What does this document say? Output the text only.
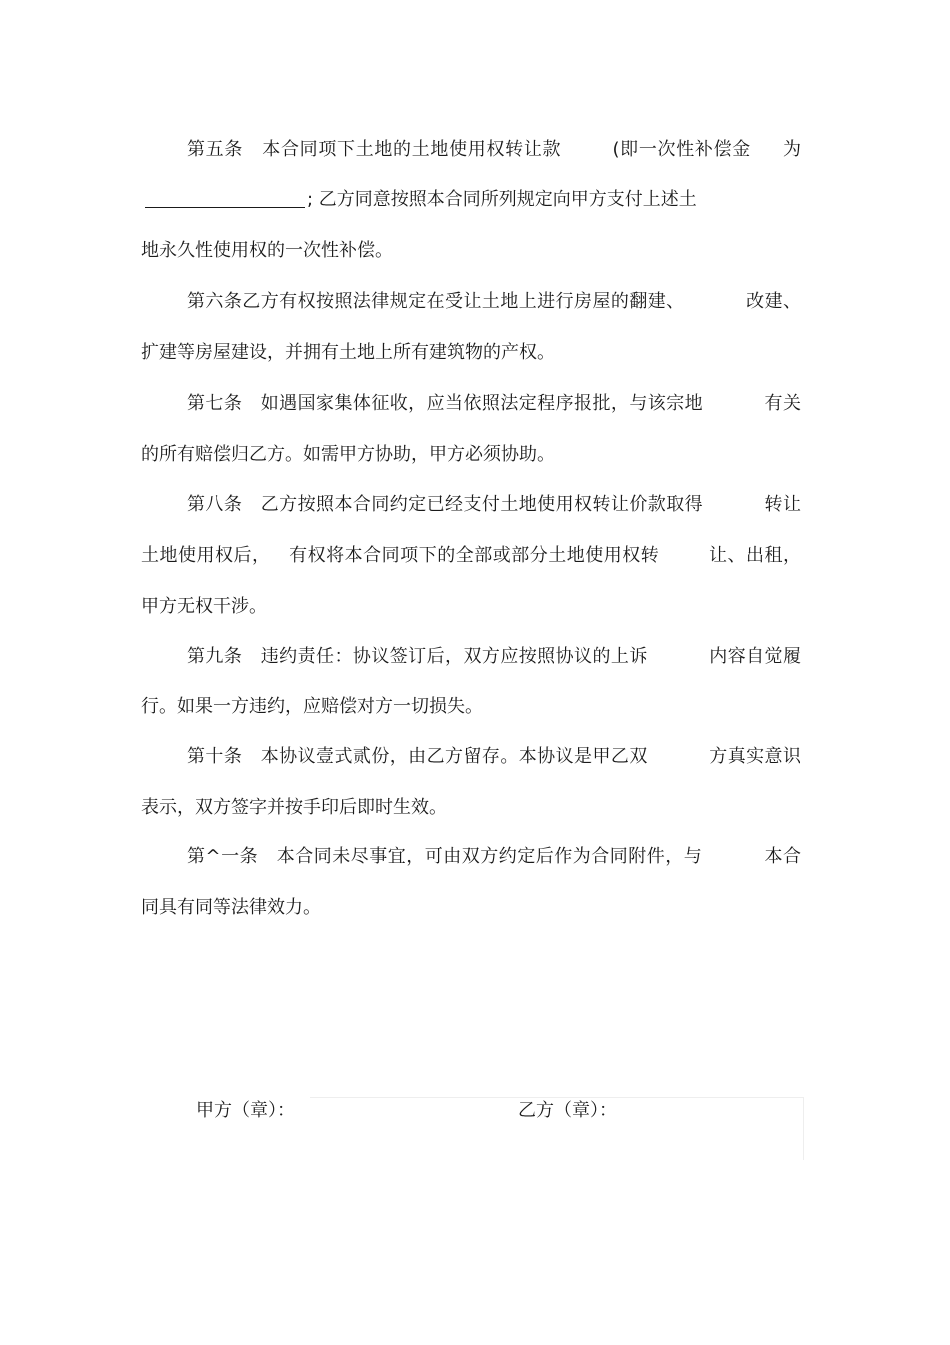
第五条   本合同项下土地的土地使用权转让款        (即一次性补偿金     为
; 乙方同意按照本合同所列规定向甲方支付上述土
地永久性使用权的一次性补偿。
第六条乙方有权按照法律规定在受让土地上进行房屋的翻建、          改建、
扩建等房屋建设，并拥有土地上所有建筑物的产权。
第七条   如遇国家集体征收，应当依照法定程序报批，与该宗地          有关
的所有赔偿归乙方。如需甲方协助，甲方必须协助。
第八条   乙方按照本合同约定已经支付土地使用权转让价款取得          转让
土地使用权后，   有权将本合同项下的全部或部分土地使用权转        让、出租，
甲方无权干涉。
第九条   违约责任：协议签订后，双方应按照协议的上诉          内容自觉履
行。如果一方违约，应赔偿对方一切损失。
第十条   本协议壹式贰份，由乙方留存。本协议是甲乙双          方真实意识
表示，双方签字并按手印后即时生效。
第^一条   本合同未尽事宜，可由双方约定后作为合同附件，与          本合
同具有同等法律效力。
甲方（章）：	乙方（章）：
